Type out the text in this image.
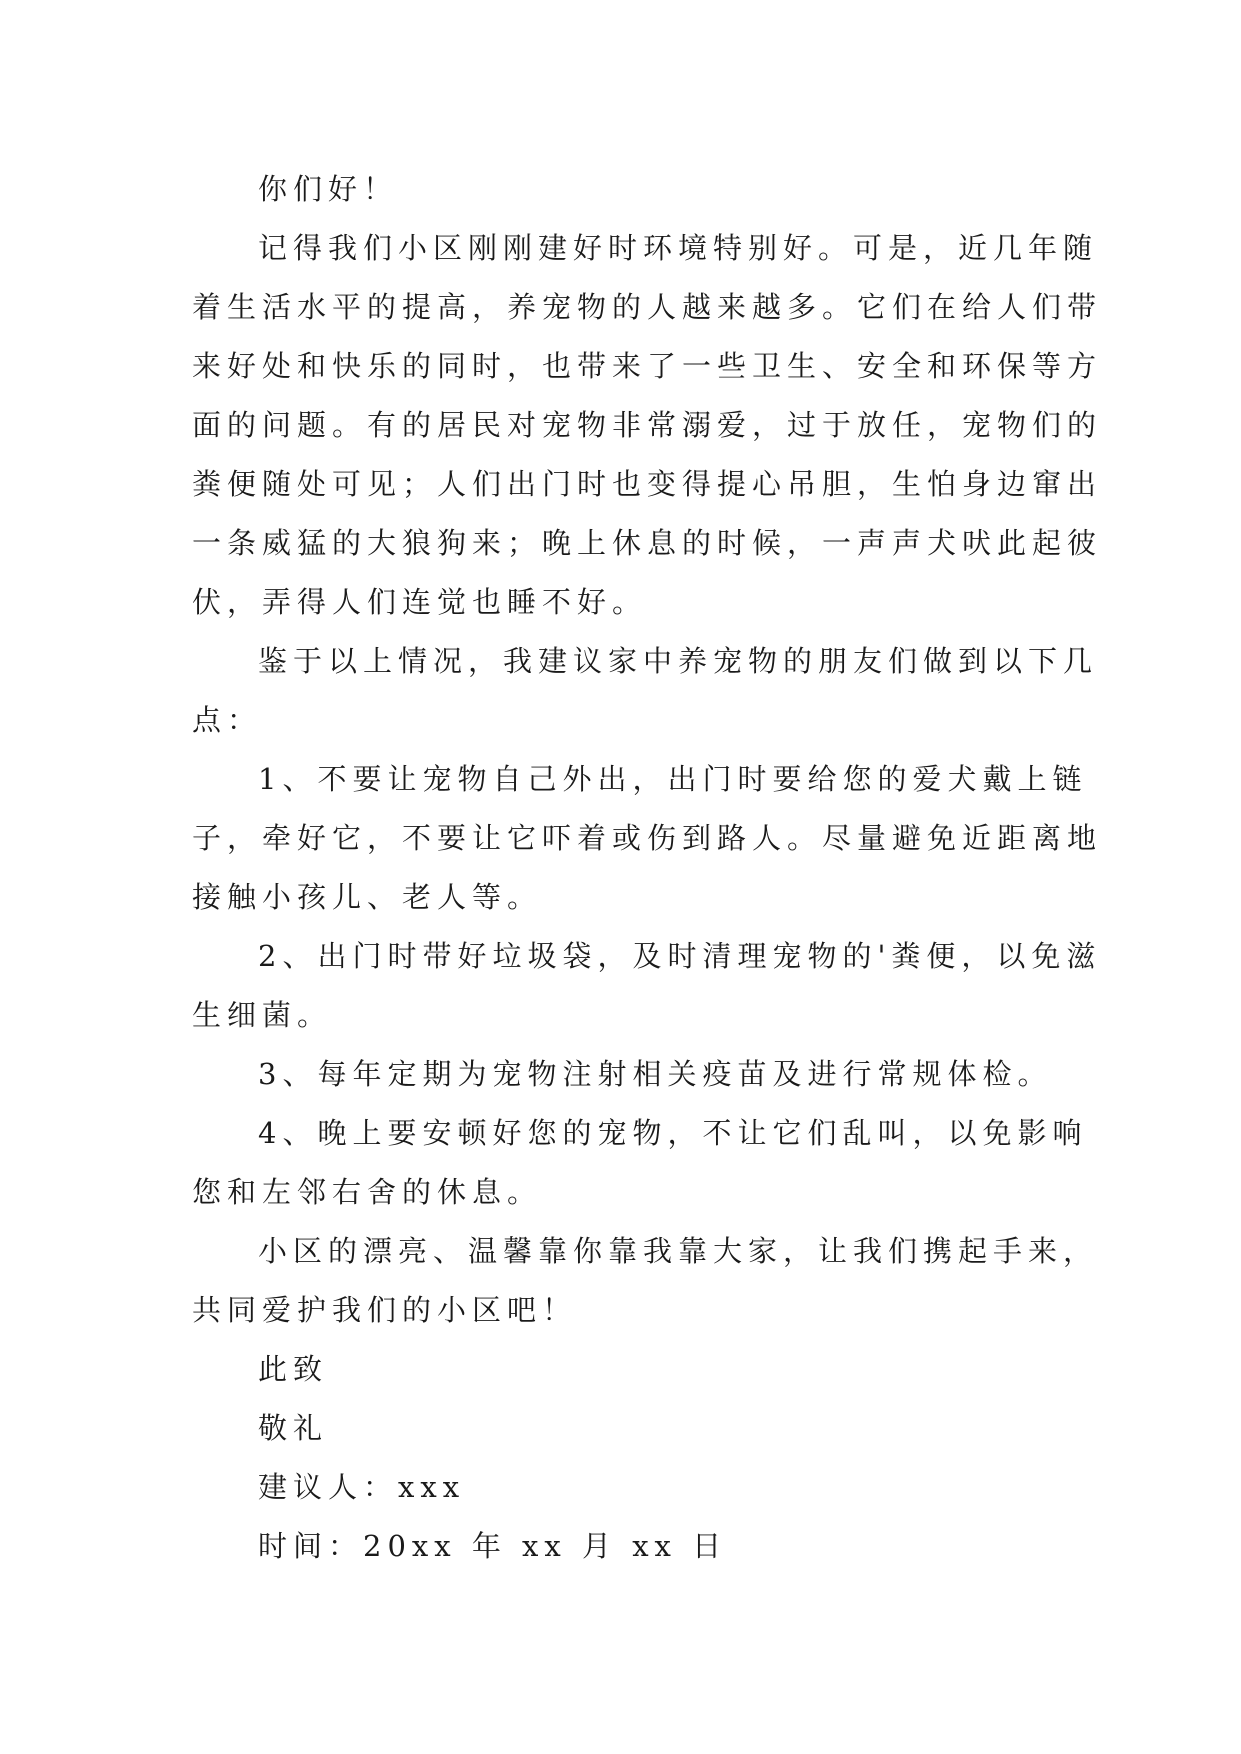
你们好！

记得我们小区刚刚建好时环境特别好。可是，近几年随

着生活水平的提高，养宠物的人越来越多。它们在给人们带

来好处和快乐的同时，也带来了一些卫生、安全和环保等方

面的问题。有的居民对宠物非常溺爱，过于放任，宠物们的

粪便随处可见；人们出门时也变得提心吊胆，生怕身边窜出

一条威猛的大狼狗来；晚上休息的时候，一声声犬吠此起彼

伏，弄得人们连觉也睡不好。

鉴于以上情况，我建议家中养宠物的朋友们做到以下几

点：

1、不要让宠物自己外出，出门时要给您的爱犬戴上链

子，牵好它，不要让它吓着或伤到路人。尽量避免近距离地

接触小孩儿、老人等。

2、出门时带好垃圾袋，及时清理宠物的'粪便，以免滋

生细菌。

3、每年定期为宠物注射相关疫苗及进行常规体检。

4、晚上要安顿好您的宠物，不让它们乱叫，以免影响

您和左邻右舍的休息。

小区的漂亮、温馨靠你靠我靠大家，让我们携起手来，

共同爱护我们的小区吧！

此致

敬礼

建议人：xxx

时间：20xx 年 xx 月 xx 日
